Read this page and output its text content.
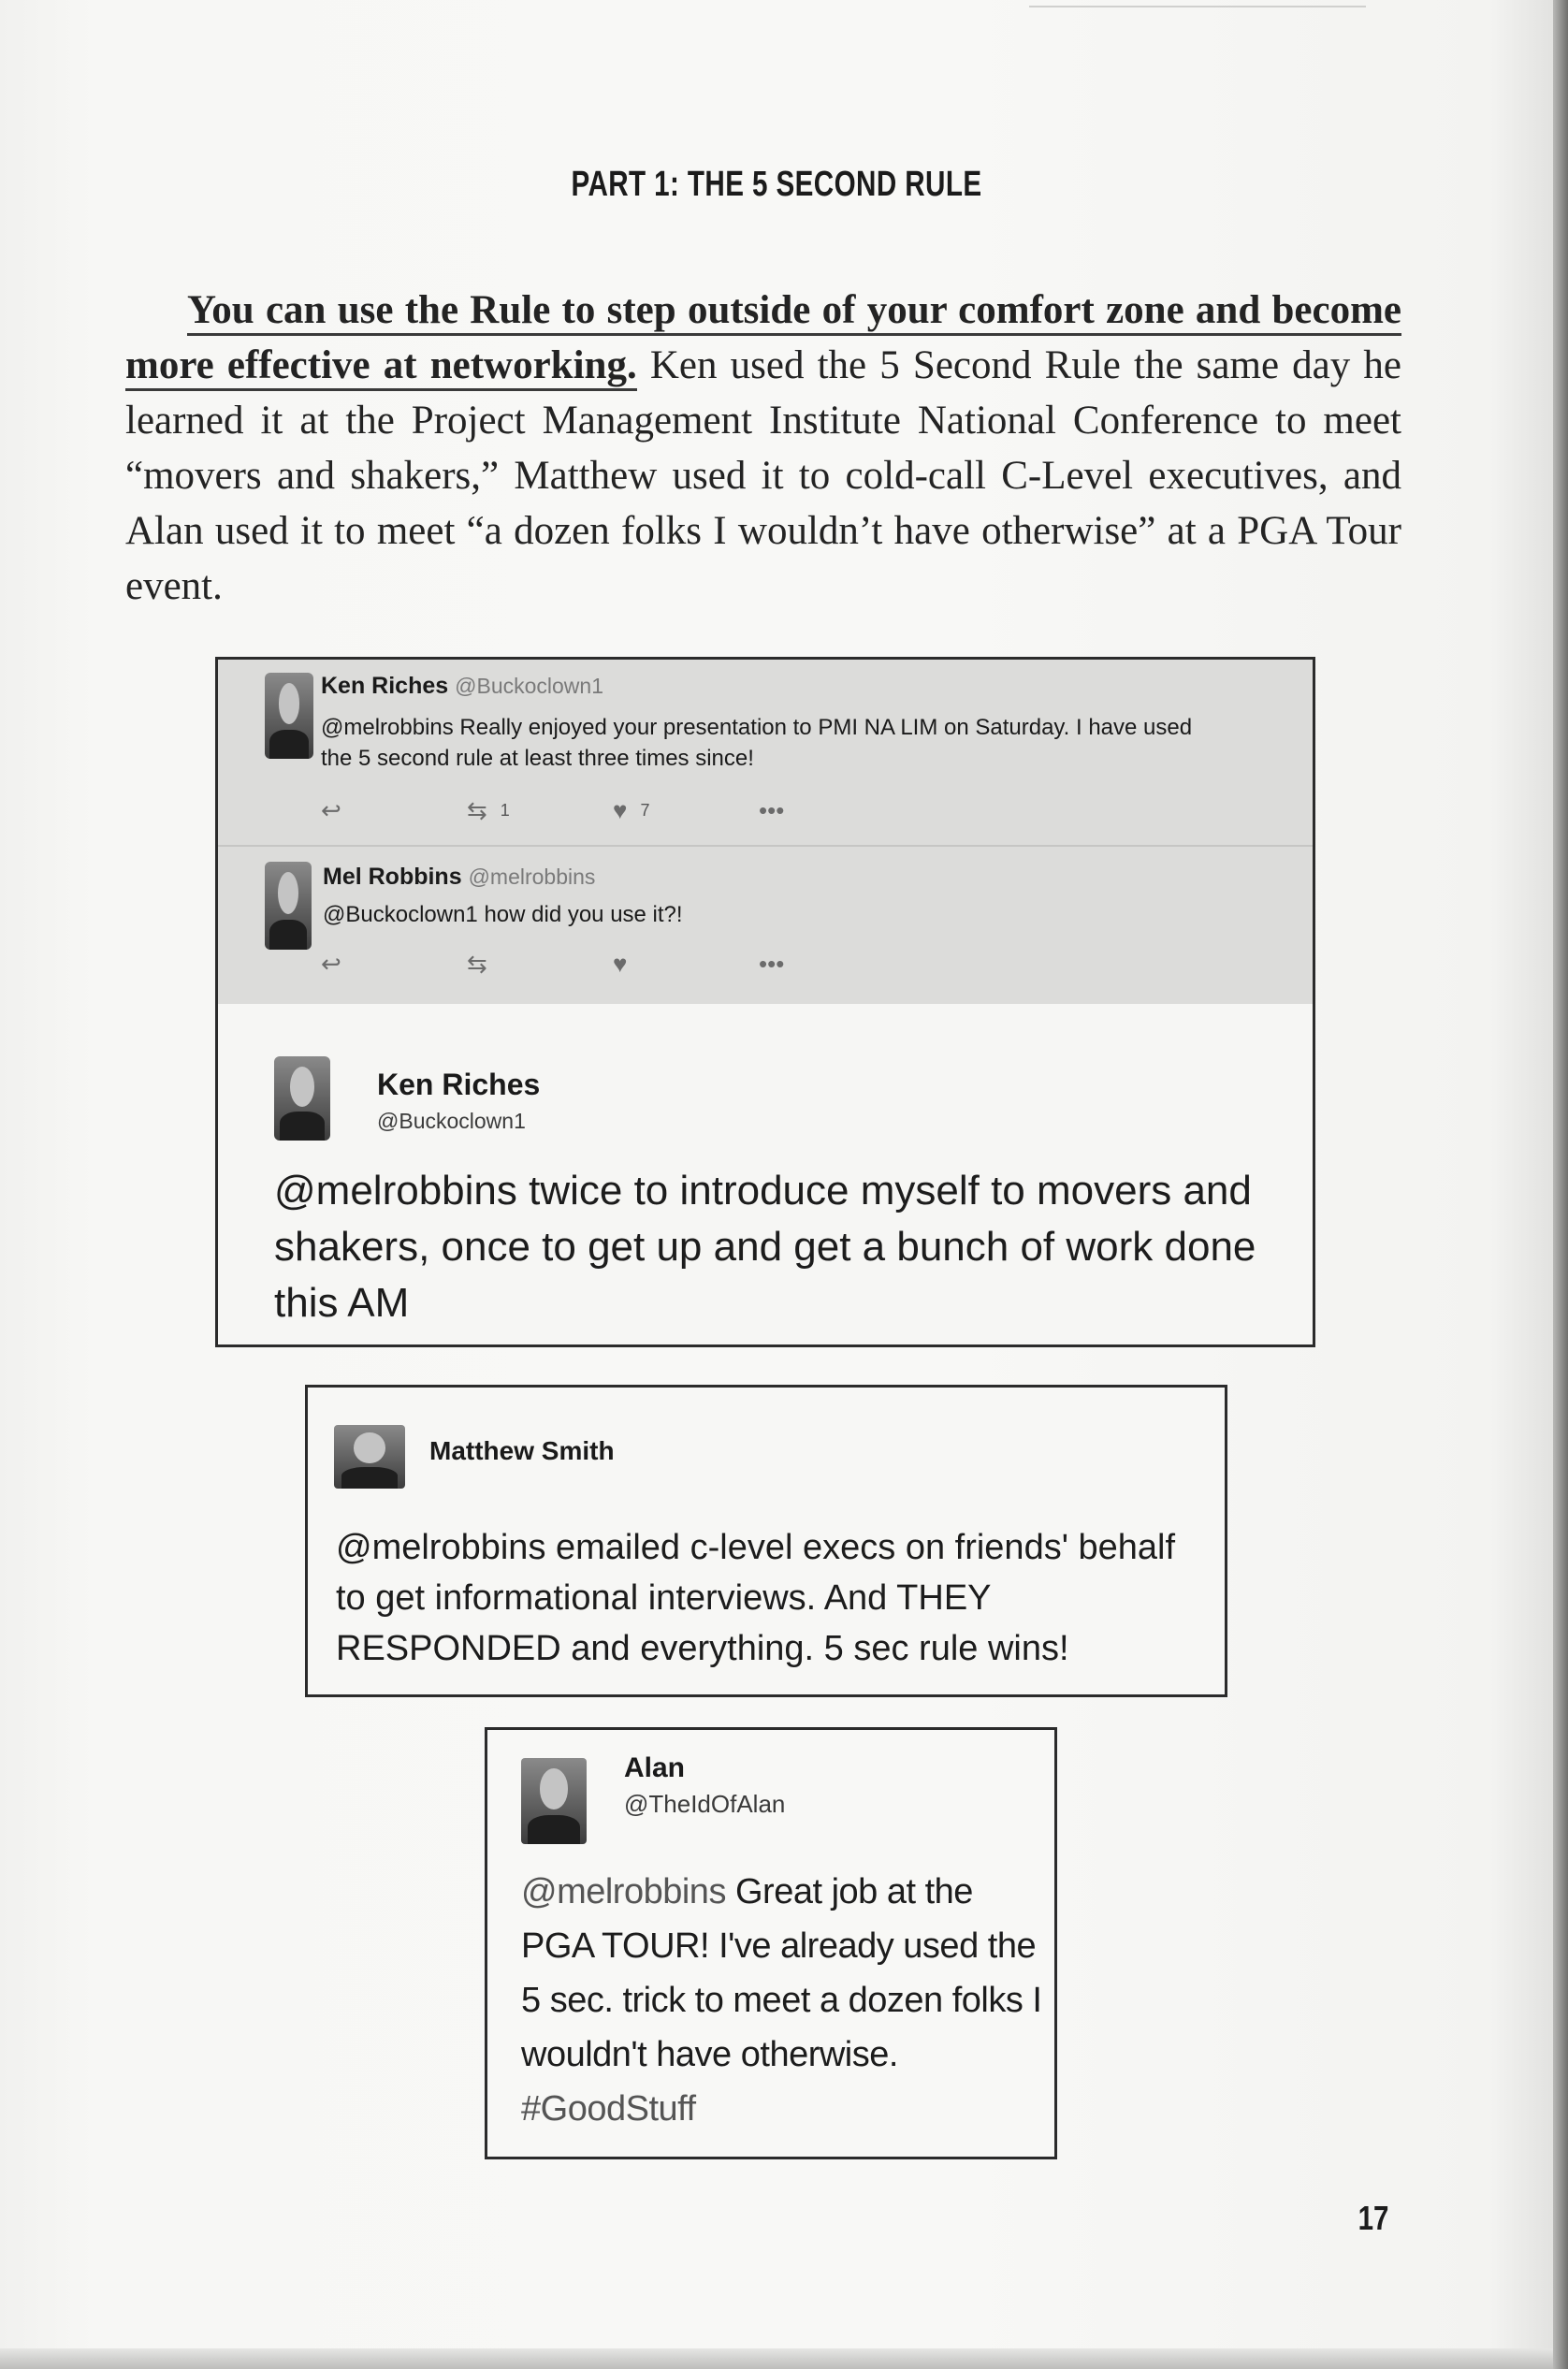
PART 1: THE 5 SECOND RULE
You can use the Rule to step outside of your comfort zone and become more effective at networking. Ken used the 5 Second Rule the same day he learned it at the Project Management Institute National Conference to meet “movers and shakers,” Matthew used it to cold-call C-Level executives, and Alan used it to meet “a dozen folks I wouldn’t have otherwise” at a PGA Tour event.
Ken Riches @Buckoclown1
@melrobbins Really enjoyed your presentation to PMI NA LIM on Saturday. I have used the 5 second rule at least three times since!
↩	⇆ 1	♥ 7	•••
Mel Robbins @melrobbins
@Buckoclown1 how did you use it?!
↩	⇆	♥	•••
Ken Riches
@Buckoclown1
@melrobbins twice to introduce myself to movers and shakers, once to get up and get a bunch of work done this AM
Matthew Smith
@melrobbins emailed c-level execs on friends' behalf to get informational interviews. And THEY RESPONDED and everything. 5 sec rule wins!
Alan
@TheIdOfAlan
@melrobbins Great job at the PGA TOUR! I've already used the 5 sec. trick to meet a dozen folks I wouldn't have otherwise. #GoodStuff
17
